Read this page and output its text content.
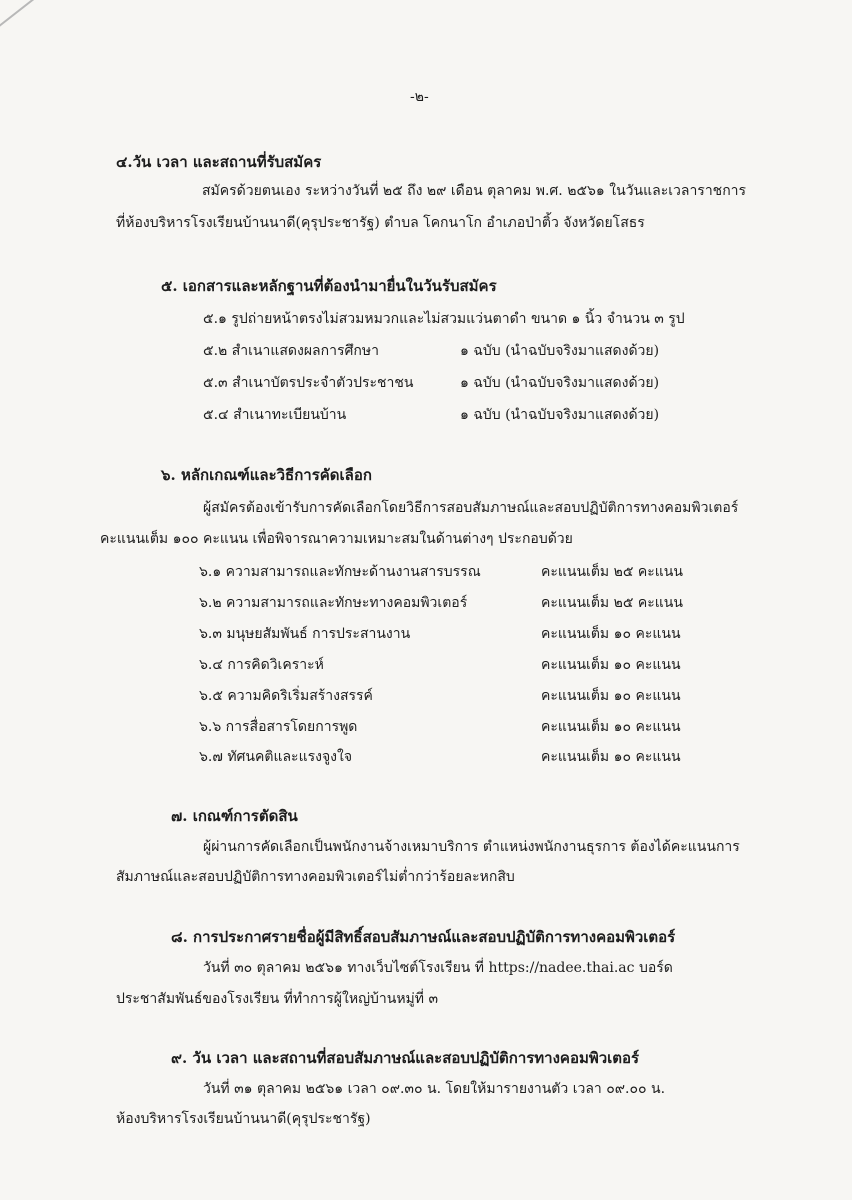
-๒-
๔.วัน เวลา และสถานที่รับสมัคร
สมัครด้วยตนเอง ระหว่างวันที่ ๒๕ ถึง ๒๙ เดือน ตุลาคม พ.ศ. ๒๕๖๑ ในวันและเวลาราชการ
ที่ห้องบริหารโรงเรียนบ้านนาดี(คุรุประชารัฐ) ตำบล โคกนาโก อำเภอป่าติ้ว จังหวัดยโสธร
๕. เอกสารและหลักฐานที่ต้องนำมายื่นในวันรับสมัคร
๕.๑ รูปถ่ายหน้าตรงไม่สวมหมวกและไม่สวมแว่นตาดำ ขนาด ๑ นิ้ว จำนวน ๓ รูป
๕.๒ สำเนาแสดงผลการศึกษา	๑ ฉบับ (นำฉบับจริงมาแสดงด้วย)
๕.๓ สำเนาบัตรประจำตัวประชาชน	๑ ฉบับ (นำฉบับจริงมาแสดงด้วย)
๕.๔ สำเนาทะเบียนบ้าน	๑ ฉบับ (นำฉบับจริงมาแสดงด้วย)
๖. หลักเกณฑ์และวิธีการคัดเลือก
ผู้สมัครต้องเข้ารับการคัดเลือกโดยวิธีการสอบสัมภาษณ์และสอบปฏิบัติการทางคอมพิวเตอร์
คะแนนเต็ม ๑๐๐ คะแนน เพื่อพิจารณาความเหมาะสมในด้านต่างๆ ประกอบด้วย
๖.๑ ความสามารถและทักษะด้านงานสารบรรณ	คะแนนเต็ม ๒๕ คะแนน
๖.๒ ความสามารถและทักษะทางคอมพิวเตอร์	คะแนนเต็ม ๒๕ คะแนน
๖.๓ มนุษยสัมพันธ์ การประสานงาน	คะแนนเต็ม ๑๐ คะแนน
๖.๔ การคิดวิเคราะห์	คะแนนเต็ม ๑๐ คะแนน
๖.๕ ความคิดริเริ่มสร้างสรรค์	คะแนนเต็ม ๑๐ คะแนน
๖.๖ การสื่อสารโดยการพูด	คะแนนเต็ม ๑๐ คะแนน
๖.๗ ทัศนคติและแรงจูงใจ	คะแนนเต็ม ๑๐ คะแนน
๗. เกณฑ์การตัดสิน
ผู้ผ่านการคัดเลือกเป็นพนักงานจ้างเหมาบริการ ตำแหน่งพนักงานธุรการ ต้องได้คะแนนการ
สัมภาษณ์และสอบปฏิบัติการทางคอมพิวเตอร์ไม่ต่ำกว่าร้อยละหกสิบ
๘. การประกาศรายชื่อผู้มีสิทธิ์สอบสัมภาษณ์และสอบปฏิบัติการทางคอมพิวเตอร์
วันที่ ๓๐ ตุลาคม ๒๕๖๑ ทางเว็บไซต์โรงเรียน ที่ https://nadee.thai.ac บอร์ด
ประชาสัมพันธ์ของโรงเรียน ที่ทำการผู้ใหญ่บ้านหมู่ที่ ๓
๙. วัน เวลา และสถานที่สอบสัมภาษณ์และสอบปฏิบัติการทางคอมพิวเตอร์
วันที่ ๓๑ ตุลาคม ๒๕๖๑ เวลา ๐๙.๓๐ น. โดยให้มารายงานตัว เวลา ๐๙.๐๐ น.
ห้องบริหารโรงเรียนบ้านนาดี(คุรุประชารัฐ)
